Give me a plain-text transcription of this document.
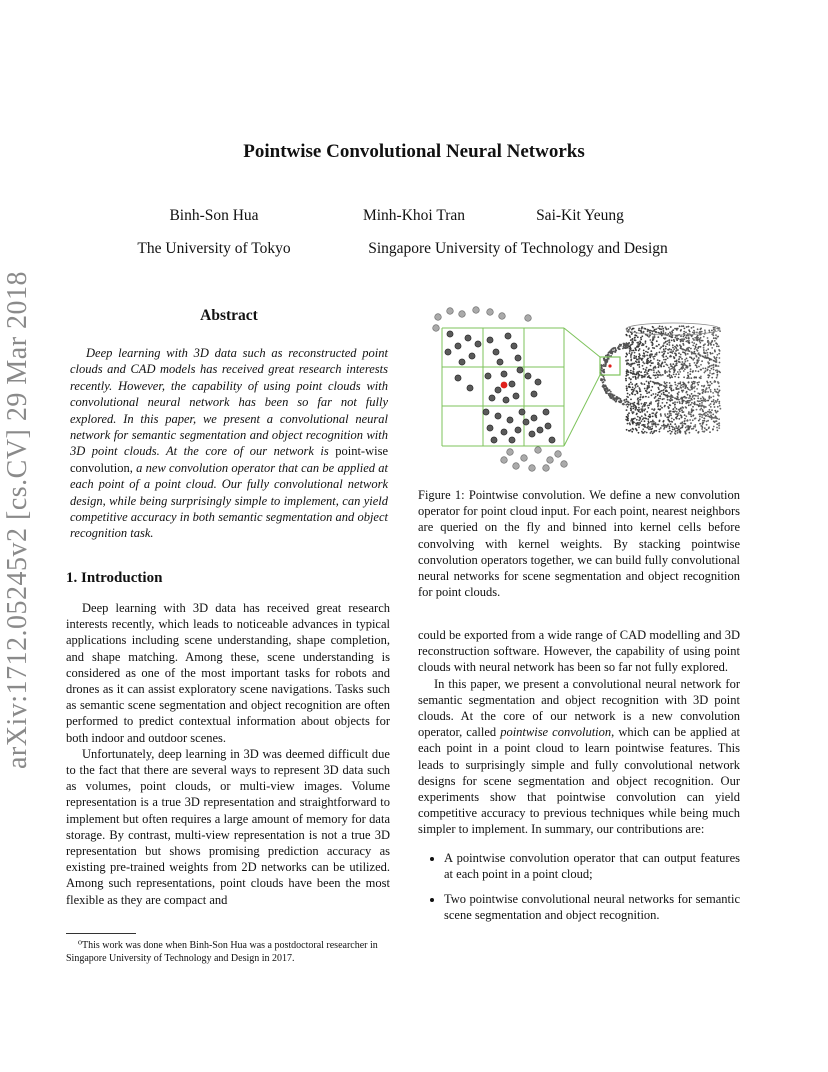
arXiv:1712.05245v2 [cs.CV] 29 Mar 2018
Pointwise Convolutional Neural Networks
Binh-Son Hua	Minh-Khoi Tran	Sai-Kit Yeung
The University of Tokyo	Singapore University of Technology and Design
Abstract

Deep learning with 3D data such as reconstructed point clouds and CAD models has received great research interests recently. However, the capability of using point clouds with convolutional neural network has been so far not fully explored. In this paper, we present a convolutional neural network for semantic segmentation and object recognition with 3D point clouds. At the core of our network is point-wise convolution, a new convolution operator that can be applied at each point of a point cloud. Our fully convolutional network design, while being surprisingly simple to implement, can yield competitive accuracy in both semantic segmentation and object recognition task.

1. Introduction

Deep learning with 3D data has received great research interests recently, which leads to noticeable advances in typical applications including scene understanding, shape completion, and shape matching. Among these, scene understanding is considered as one of the most important tasks for robots and drones as it can assist exploratory scene navigations. Tasks such as semantic scene segmentation and object recognition are often performed to predict contextual information about objects for both indoor and outdoor scenes.

Unfortunately, deep learning in 3D was deemed difficult due to the fact that there are several ways to represent 3D data such as volumes, point clouds, or multi-view images. Volume representation is a true 3D representation and straightforward to implement but often requires a large amount of memory for data storage. By contrast, multi-view representation is not a true 3D representation but shows promising prediction accuracy as existing pre-trained weights from 2D networks can be utilized. Among such representations, point clouds have been the most flexible as they are compact and

⁰This work was done when Binh-Son Hua was a postdoctoral researcher in Singapore University of Technology and Design in 2017.

Figure 1: Pointwise convolution. We define a new convolution operator for point cloud input. For each point, nearest neighbors are queried on the fly and binned into kernel cells before convolving with kernel weights. By stacking pointwise convolution operators together, we can build fully convolutional neural networks for scene segmentation and object recognition for point clouds.

could be exported from a wide range of CAD modelling and 3D reconstruction software. However, the capability of using point clouds with neural network has been so far not fully explored.

In this paper, we present a convolutional neural network for semantic segmentation and object recognition with 3D point clouds. At the core of our network is a new convolution operator, called pointwise convolution, which can be applied at each point in a point cloud to learn pointwise features. This leads to surprisingly simple and fully convolutional network designs for scene segmentation and object recognition. Our experiments show that pointwise convolution can yield competitive accuracy to previous techniques while being much simpler to implement. In summary, our contributions are:

• A pointwise convolution operator that can output features at each point in a point cloud;
• Two pointwise convolutional neural networks for semantic scene segmentation and object recognition.
